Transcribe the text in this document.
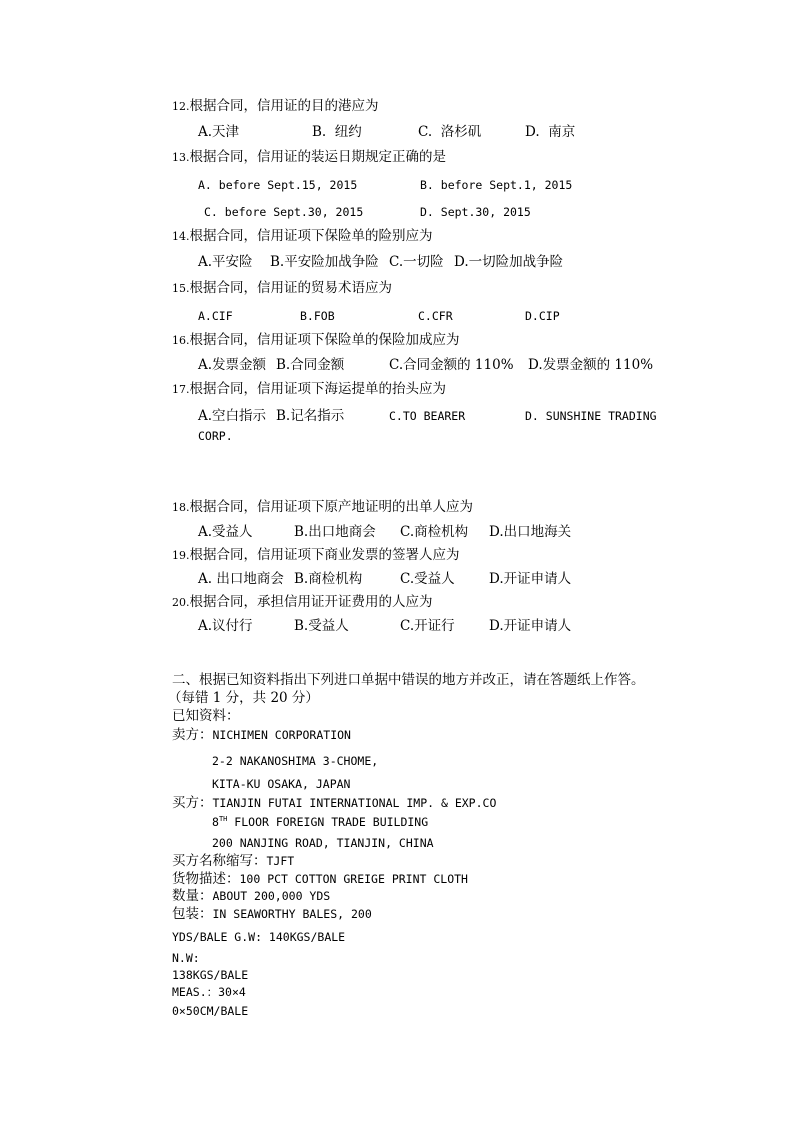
12.根据合同，信用证的目的港应为
A.天津	B.  纽约	C.  洛杉矶	D.  南京
13.根据合同，信用证的装运日期规定正确的是
A. before Sept.15, 2015	B. before Sept.1, 2015
C. before Sept.30, 2015	D. Sept.30, 2015
14.根据合同，信用证项下保险单的险别应为
A.平安险 B.平安险加战争险 C.一切险 D.一切险加战争险
15.根据合同，信用证的贸易术语应为
A.CIF	B.FOB	C.CFR	D.CIP
16.根据合同，信用证项下保险单的保险加成应为
A.发票金额 B.合同金额	C.合同金额的 110% D.发票金额的 110%
17.根据合同，信用证项下海运提单的抬头应为
A.空白指示 B.记名指示	C.TO BEARER	D. SUNSHINE TRADING
CORP.
18.根据合同，信用证项下原产地证明的出单人应为
A.受益人	B.出口地商会 C.商检机构 D.出口地海关
19.根据合同，信用证项下商业发票的签署人应为
A. 出口地商会 B.商检机构	C.受益人	D.开证申请人
20.根据合同，承担信用证开证费用的人应为
A.议付行	B.受益人	C.开证行	D.开证申请人
二、根据已知资料指出下列进口单据中错误的地方并改正，请在答题纸上作答。
（每错 1 分，共 20 分）
已知资料：
卖方：NICHIMEN CORPORATION
2-2 NAKANOSHIMA 3-CHOME,
KITA-KU OSAKA, JAPAN
买方：TIANJIN FUTAI INTERNATIONAL IMP. & EXP.CO
8TH FLOOR FOREIGN TRADE BUILDING
200 NANJING ROAD, TIANJIN, CHINA
买方名称缩写：TJFT
货物描述：100 PCT COTTON GREIGE PRINT CLOTH
数量：ABOUT 200,000 YDS
包装：IN SEAWORTHY BALES, 200
YDS/BALE G.W: 140KGS/BALE
N.W:
138KGS/BALE
MEAS.：30×4
0×50CM/BALE
